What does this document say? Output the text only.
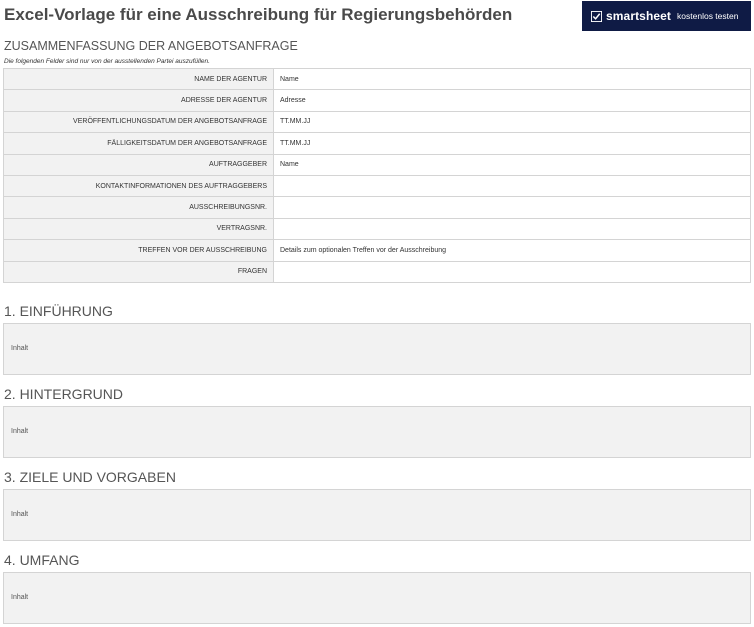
Excel-Vorlage für eine Ausschreibung für Regierungsbehörden	smartsheet kostenlos testen
ZUSAMMENFASSUNG DER ANGEBOTSANFRAGE
Die folgenden Felder sind nur von der ausstellenden Partei auszufüllen.
NAME DER AGENTUR	Name
ADRESSE DER AGENTUR	Adresse
VERÖFFENTLICHUNGSDATUM DER ANGEBOTSANFRAGE	TT.MM.JJ
FÄLLIGKEITSDATUM DER ANGEBOTSANFRAGE	TT.MM.JJ
AUFTRAGGEBER	Name
KONTAKTINFORMATIONEN DES AUFTRAGGEBERS	
AUSSCHREIBUNGSNR.	
VERTRAGSNR.	
TREFFEN VOR DER AUSSCHREIBUNG	Details zum optionalen Treffen vor der Ausschreibung
FRAGEN	
1. EINFÜHRUNG
Inhalt
2. HINTERGRUND
Inhalt
3. ZIELE UND VORGABEN
Inhalt
4. UMFANG
Inhalt
